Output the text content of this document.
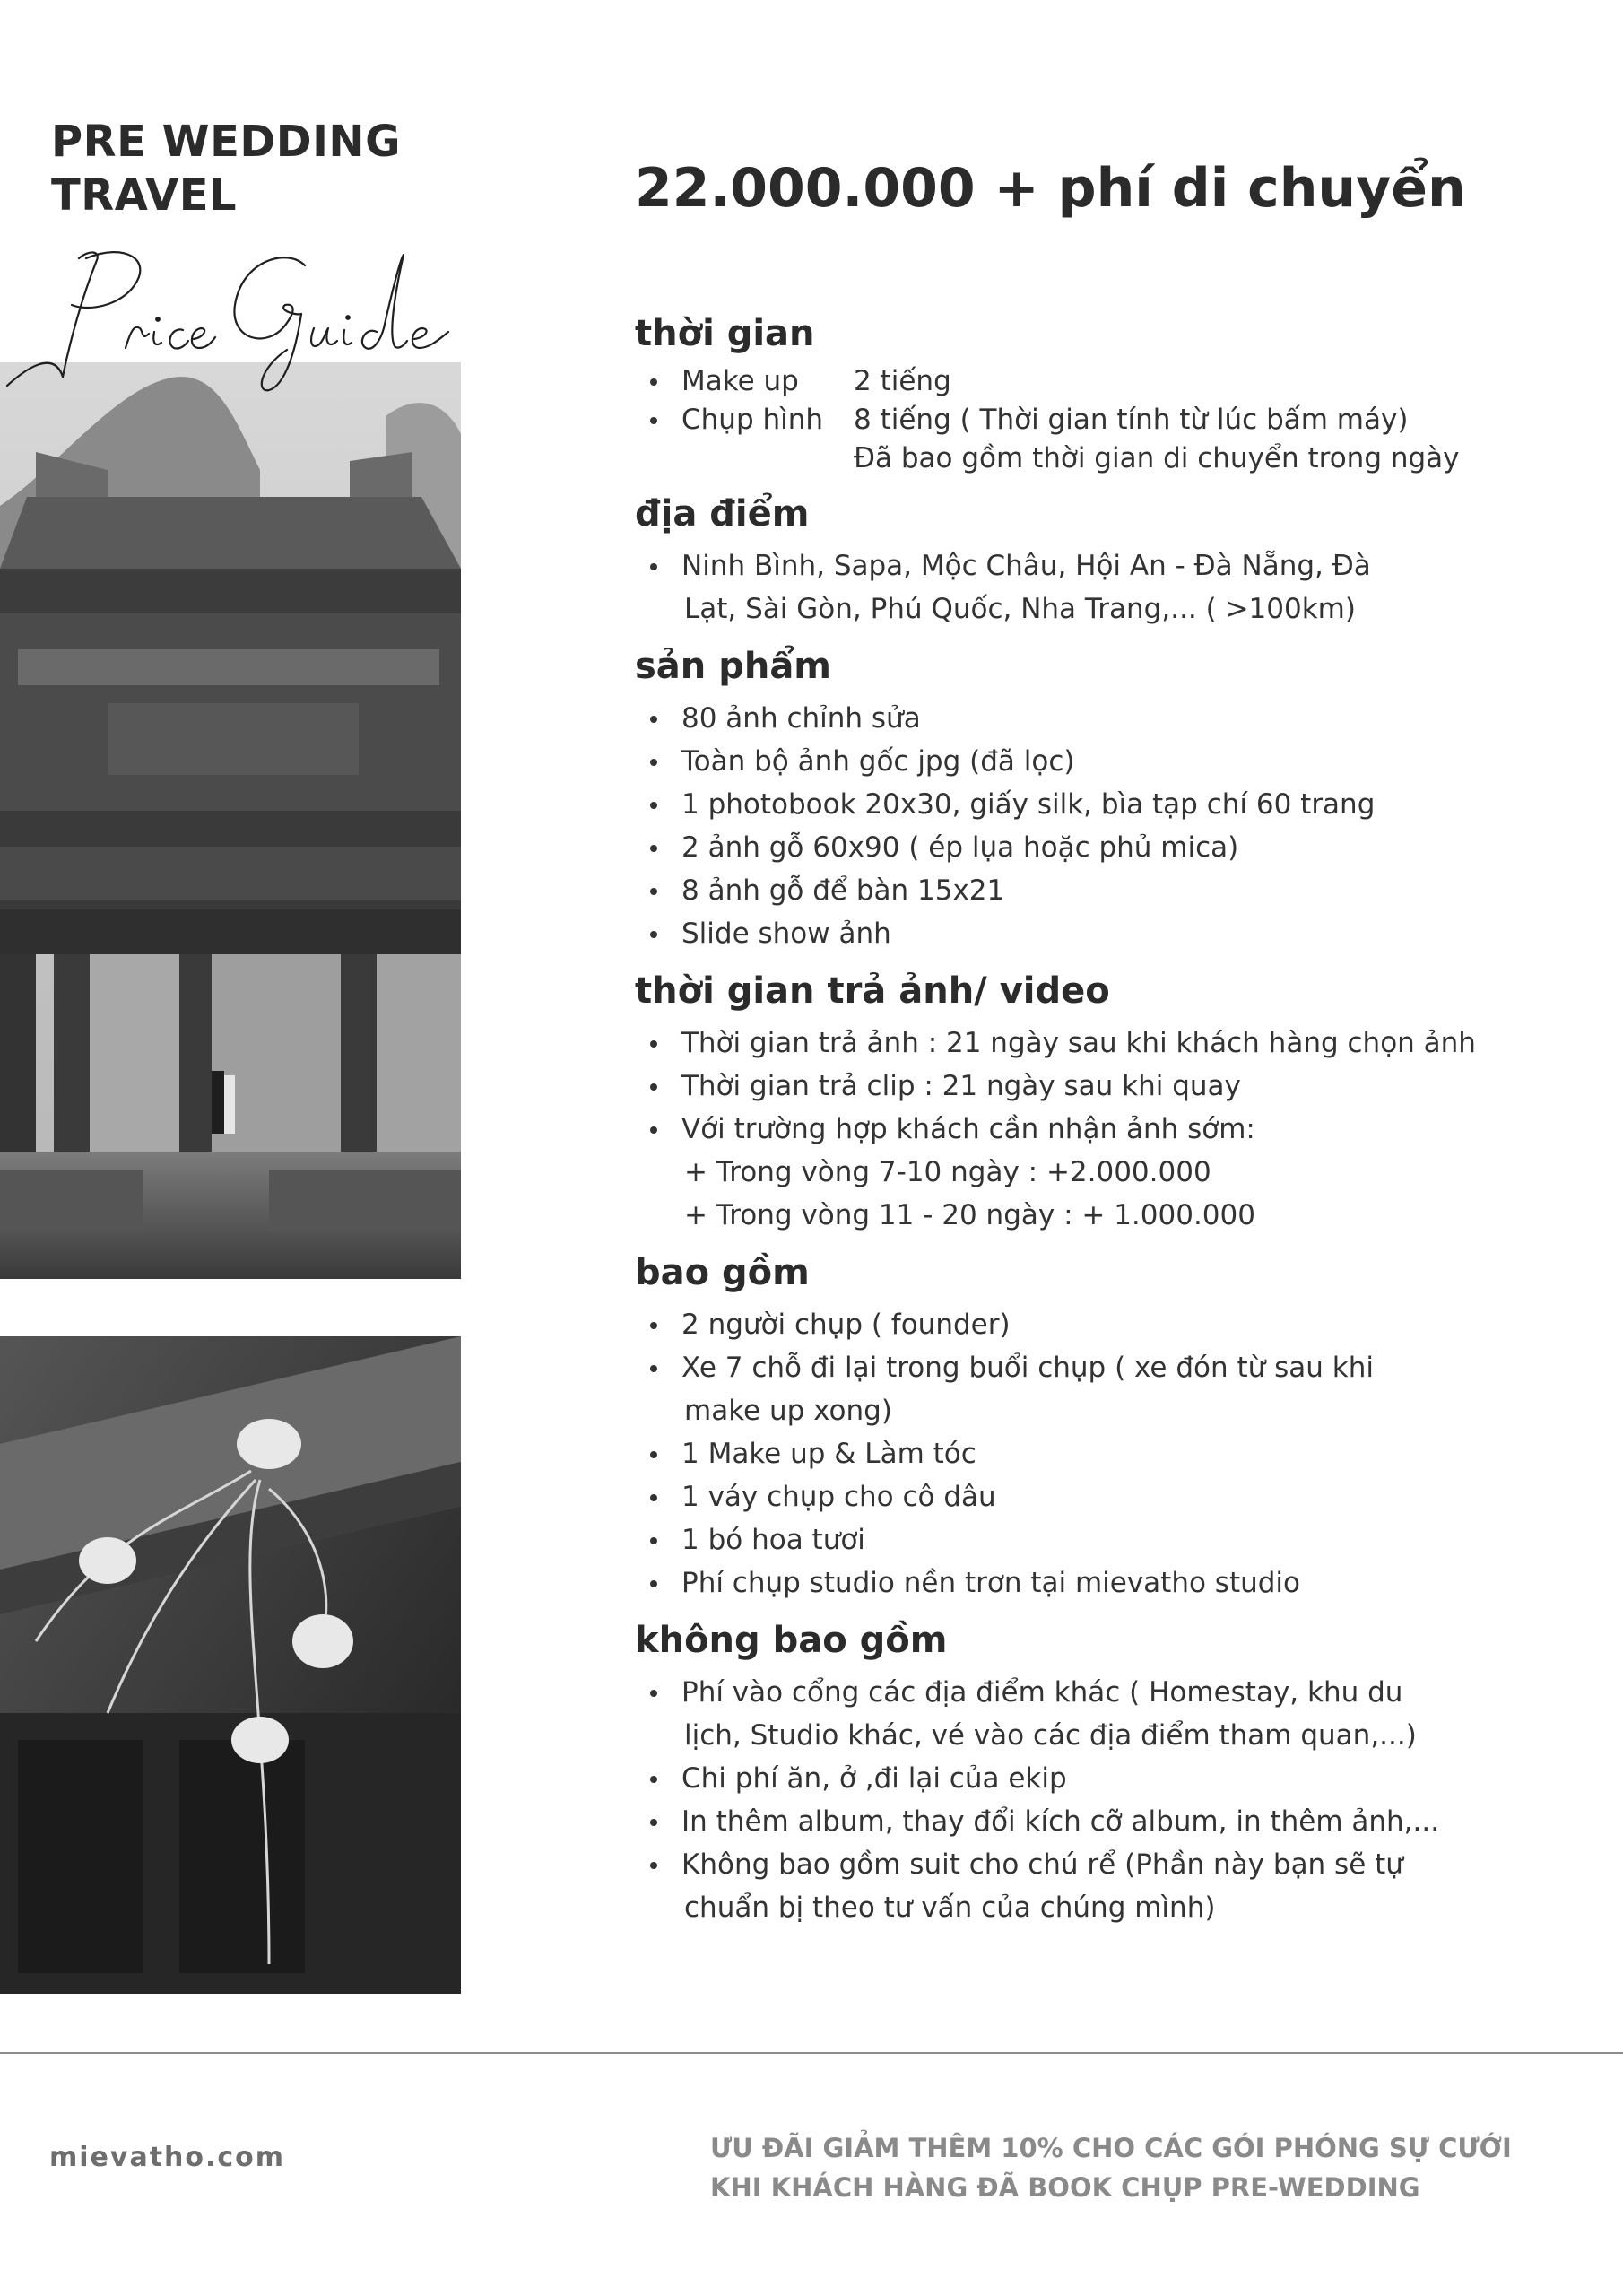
PRE WEDDING
TRAVEL	22.000.000 + phí di chuyển
thời gian
Make up 2 tiếng
Chụp hình 8 tiếng ( Thời gian tính từ lúc bấm máy)
Đã bao gồm thời gian di chuyển trong ngày
địa điểm
Ninh Bình, Sapa, Mộc Châu, Hội An - Đà Nẵng, Đà
Lạt, Sài Gòn, Phú Quốc, Nha Trang,... ( >100km)
sản phẩm
80 ảnh chỉnh sửa
Toàn bộ ảnh gốc jpg (đã lọc)
1 photobook 20x30, giấy silk, bìa tạp chí 60 trang
2 ảnh gỗ 60x90 ( ép lụa hoặc phủ mica)
8 ảnh gỗ để bàn 15x21
Slide show ảnh
thời gian trả ảnh/ video
Thời gian trả ảnh : 21 ngày sau khi khách hàng chọn ảnh
Thời gian trả clip : 21 ngày sau khi quay
Với trường hợp khách cần nhận ảnh sớm:
+ Trong vòng 7-10 ngày : +2.000.000
+ Trong vòng 11 - 20 ngày : + 1.000.000
bao gồm
2 người chụp ( founder)
Xe 7 chỗ đi lại trong buổi chụp ( xe đón từ sau khi
make up xong)
1 Make up & Làm tóc
1 váy chụp cho cô dâu
1 bó hoa tươi
Phí chụp studio nền trơn tại mievatho studio
không bao gồm
Phí vào cổng các địa điểm khác ( Homestay, khu du
lịch, Studio khác, vé vào các địa điểm tham quan,...)
Chi phí ăn, ở ,đi lại của ekip
In thêm album, thay đổi kích cỡ album, in thêm ảnh,...
Không bao gồm suit cho chú rể (Phần này bạn sẽ tự
chuẩn bị theo tư vấn của chúng mình)
mievatho.com	ƯU ĐÃI GIẢM THÊM 10% CHO CÁC GÓI PHÓNG SỰ CƯỚI
KHI KHÁCH HÀNG ĐÃ BOOK CHỤP PRE-WEDDING
